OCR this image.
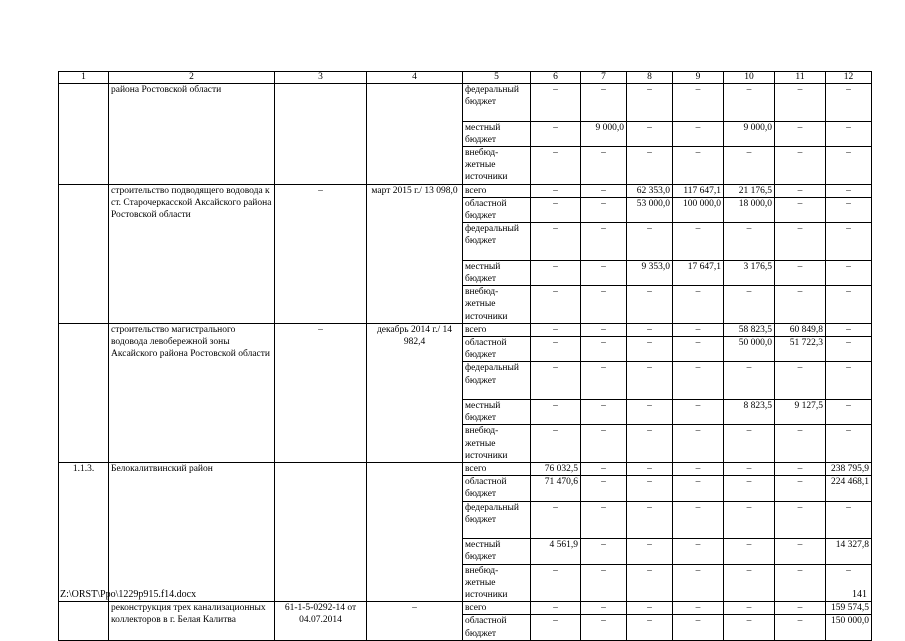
1	2	3	4	5	6	7	8	9	10	11	12
	района Ростовской области			федеральный бюджет	–	–	–	–	–	–	–
				местный бюджет	–	9 000,0	–	–	9 000,0	–	–
				внебюд- жетные источники	–	–	–	–	–	–	–
	строительство подводящего водовода к ст. Старочеркасской Аксайского района Ростовской области	–	март 2015 г./ 13 098,0	всего	–	–	62 353,0	117 647,1	21 176,5	–	–
				областной бюджет	–	–	53 000,0	100 000,0	18 000,0	–	–
				федеральный бюджет	–	–	–	–	–	–	–
				местный бюджет	–	–	9 353,0	17 647,1	3 176,5	–	–
				внебюд- жетные источники	–	–	–	–	–	–	–
	строительство магистрального водовода левобережной зоны Аксайского района Ростовской области	–	декабрь 2014 г./ 14 982,4	всего	–	–	–	–	58 823,5	60 849,8	–
				областной бюджет	–	–	–	–	50 000,0	51 722,3	–
				федеральный бюджет	–	–	–	–	–	–	–
				местный бюджет	–	–	–	–	8 823,5	9 127,5	–
				внебюд- жетные источники	–	–	–	–	–	–	–
1.1.3.	Белокалитвинский район			всего	76 032,5	–	–	–	–	–	238 795,9
				областной бюджет	71 470,6	–	–	–	–	–	224 468,1
				федеральный бюджет	–	–	–	–	–	–	–
				местный бюджет	4 561,9	–	–	–	–	–	14 327,8
				внебюд- жетные источники	–	–	–	–	–	–	–
	реконструкция трех канализационных коллекторов в г. Белая Калитва	61-1-5-0292-14 от 04.07.2014	–	всего	–	–	–	–	–	–	159 574,5
				областной бюджет	–	–	–	–	–	–	150 000,0
Z:\ORST\Ppo\1229p915.f14.docx	141
